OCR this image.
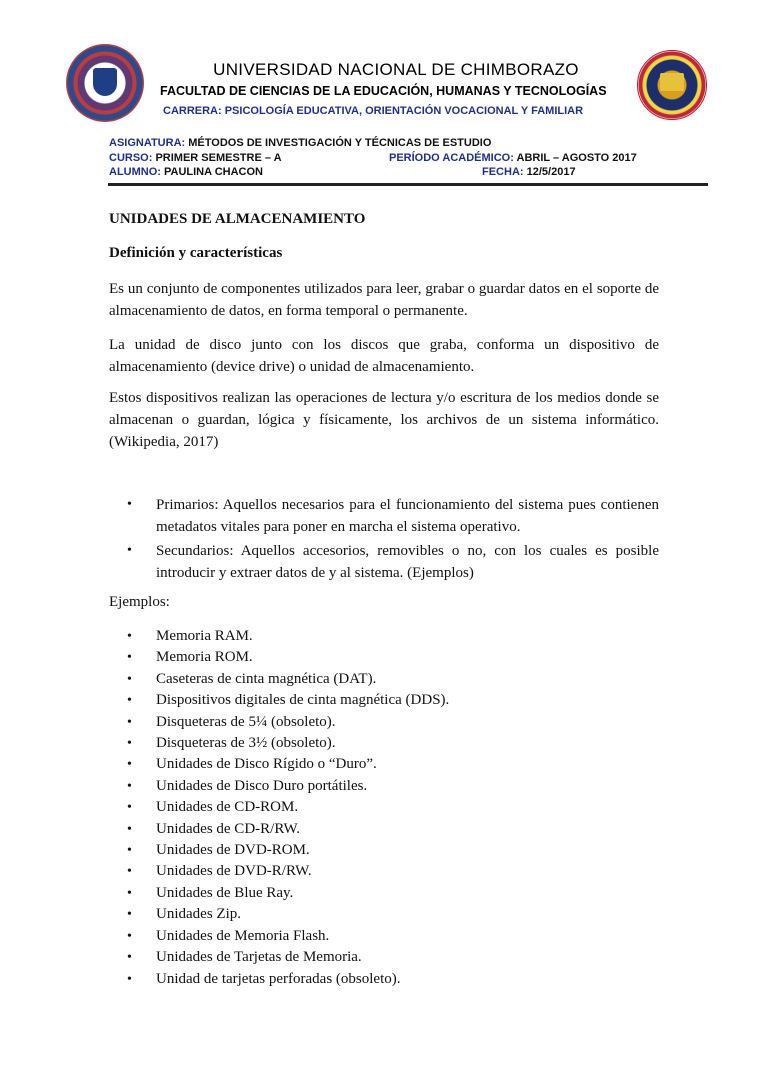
UNIVERSIDAD NACIONAL DE CHIMBORAZO
FACULTAD DE CIENCIAS DE LA EDUCACIÓN, HUMANAS Y TECNOLOGÍAS
CARRERA: PSICOLOGÍA EDUCATIVA, ORIENTACIÓN VOCACIONAL Y FAMILIAR
ASIGNATURA: MÉTODOS DE INVESTIGACIÓN Y TÉCNICAS DE ESTUDIO
CURSO: PRIMER SEMESTRE – A	PERÍODO ACADÉMICO: ABRIL – AGOSTO 2017
ALUMNO: PAULINA CHACON	FECHA: 12/5/2017
UNIDADES DE ALMACENAMIENTO
Definición y características

Es un conjunto de componentes utilizados para leer, grabar o guardar datos en el soporte de almacenamiento de datos, en forma temporal o permanente.

La unidad de disco junto con los discos que graba, conforma un dispositivo de almacenamiento (device drive) o unidad de almacenamiento.

Estos dispositivos realizan las operaciones de lectura y/o escritura de los medios donde se almacenan o guardan, lógica y físicamente, los archivos de un sistema informático. (Wikipedia, 2017)

• Primarios: Aquellos necesarios para el funcionamiento del sistema pues contienen metadatos vitales para poner en marcha el sistema operativo.
• Secundarios: Aquellos accesorios, removibles o no, con los cuales es posible introducir y extraer datos de y al sistema. (Ejemplos)
Ejemplos:
• Memoria RAM.
• Memoria ROM.
• Caseteras de cinta magnética (DAT).
• Dispositivos digitales de cinta magnética (DDS).
• Disqueteras de 5¼ (obsoleto).
• Disqueteras de 3½ (obsoleto).
• Unidades de Disco Rígido o “Duro”.
• Unidades de Disco Duro portátiles.
• Unidades de CD-ROM.
• Unidades de CD-R/RW.
• Unidades de DVD-ROM.
• Unidades de DVD-R/RW.
• Unidades de Blue Ray.
• Unidades Zip.
• Unidades de Memoria Flash.
• Unidades de Tarjetas de Memoria.
• Unidad de tarjetas perforadas (obsoleto).
